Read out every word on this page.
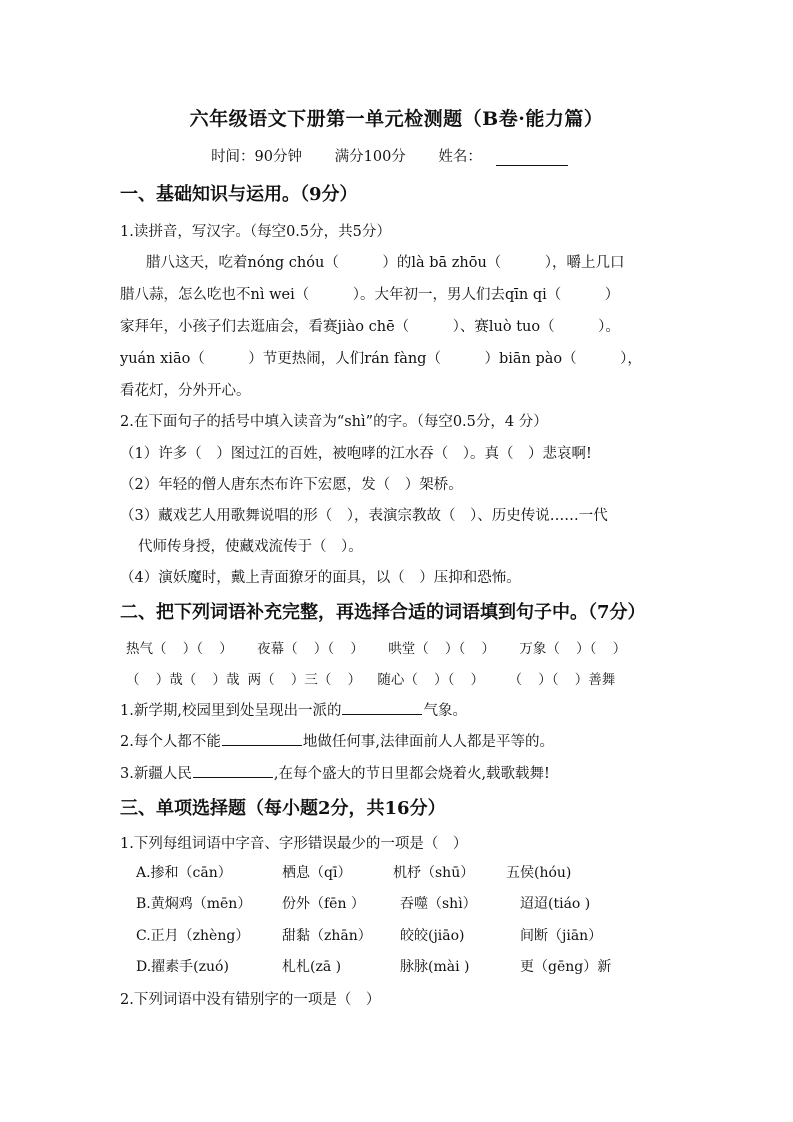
六年级语文下册第一单元检测题（B卷·能力篇）
时间：90分钟 满分100分 姓名：
一、基础知识与运用。（9分）
1.读拼音，写汉字。（每空0.5分，共5分）
腊八这天，吃着nóng chóu（　　　）的là bā zhōu（　　　），嚼上几口
腊八蒜，怎么吃也不nì wei（　　　）。大年初一，男人们去qīn qi（　　　）
家拜年，小孩子们去逛庙会，看赛jiào chē（　　　）、赛luò tuo（　　　）。
yuán xiāo（　　　）节更热闹，人们rán fàng（　　　）biān pào（　　　），
看花灯，分外开心。
2.在下面句子的括号中填入读音为“shì”的字。（每空0.5分，4 分）
（1）许多（　）图过江的百姓，被咆哮的江水吞（　）。真（　）悲哀啊!
（2）年轻的僧人唐东杰布许下宏愿，发（　）架桥。
（3）藏戏艺人用歌舞说唱的形（　），表演宗教故（　）、历史传说……一代
代师传身授，使藏戏流传于（　）。
（4）演妖魔时，戴上青面獠牙的面具，以（　）压抑和恐怖。
二、把下列词语补充完整，再选择合适的词语填到句子中。（7分）
热气（  ）（  ）   夜幕（  ）（  ）   哄堂（  ）（  ）   万象（  ）（  ）
（  ）哉（  ）哉 两（  ）三（  ）  随心（  ）（  ）   （  ）（  ）善舞
1.新学期,校园里到处呈现出一派的	气象。
2.每个人都不能	地做任何事,法律面前人人都是平等的。
3.新疆人民	,在每个盛大的节日里都会烧着火,载歌载舞!
三、单项选择题（每小题2分，共16分）
1.下列每组词语中字音、字形错误最少的一项是（　）
A.掺和（cān）	栖息（qī）	机杼（shū） 五侯(hóu)
B.黄焖鸡（mēn） 份外（fēn ）	吞噬（shì）	迢迢(tiáo )
C.正月（zhèng） 甜黏（zhān） 皎皎(jiāo)	间断（jiān）
D.擢素手(zuó)	札札(zā )	脉脉(mài )	更（gēng）新
2.下列词语中没有错别字的一项是（　）
